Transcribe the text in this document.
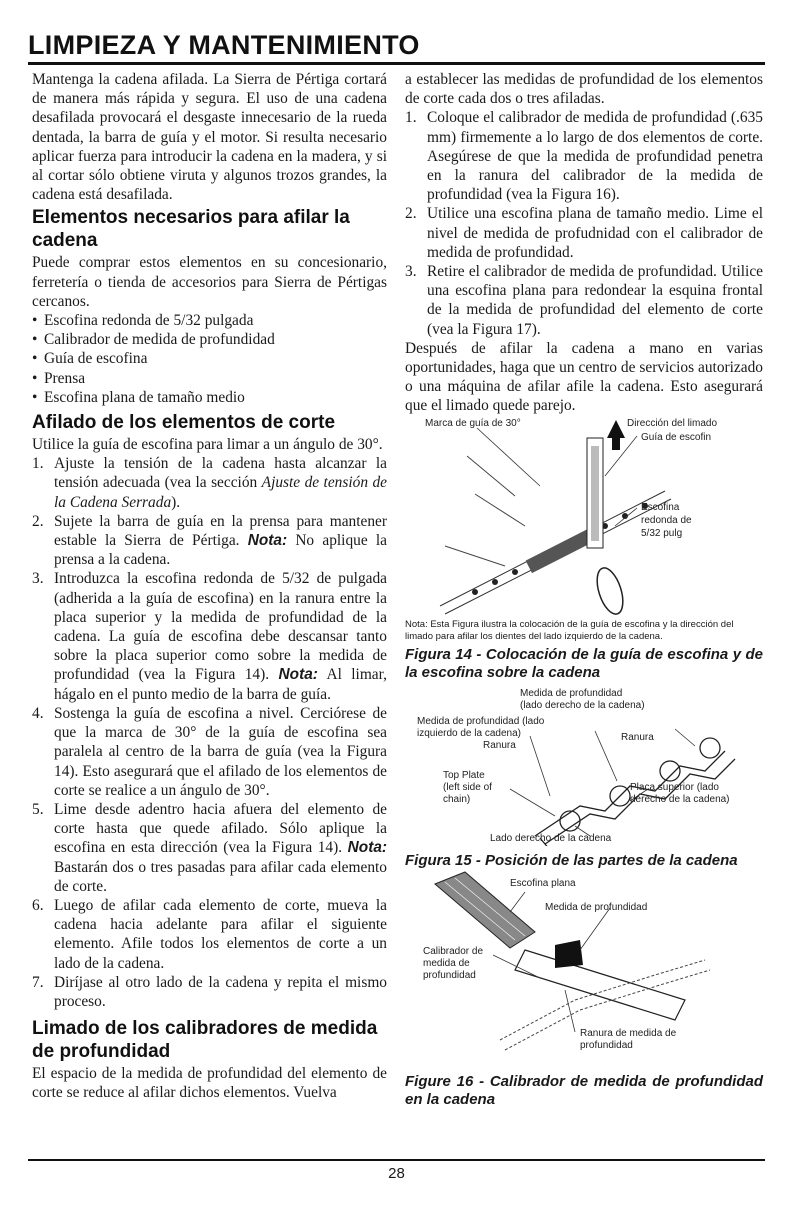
LIMPIEZA Y MANTENIMIENTO

Mantenga la cadena afilada. La Sierra de Pértiga cortará de manera más rápida y segura. El uso de una cadena desafilada provocará el desgaste innecesario de la rueda dentada, la barra de guía y el motor. Si resulta necesario aplicar fuerza para introducir la cadena en la madera, y si al cortar sólo obtiene viruta y algunos trozos grandes, la cadena está desafilada.

Elementos necesarios para afilar la cadena

Puede comprar estos elementos en su concesionario, ferretería o tienda de accesorios para Sierra de Pértigas cercanos.

• Escofina redonda de 5/32 pulgada
• Calibrador de medida de profundidad
• Guía de escofina
• Prensa
• Escofina plana de tamaño medio
Afilado de los elementos de corte

Utilice la guía de escofina para limar a un ángulo de 30°.

1. Ajuste la tensión de la cadena hasta alcanzar la tensión adecuada (vea la sección Ajuste de tensión de la Cadena Serrada).
2. Sujete la barra de guía en la prensa para mantener estable la Sierra de Pértiga. Nota: No aplique la prensa a la cadena.
3. Introduzca la escofina redonda de 5/32 de pulgada (adherida a la guía de escofina) en la ranura entre la placa superior y la medida de profundidad de la cadena. La guía de escofina debe descansar tanto sobre la placa superior como sobre la medida de profundidad (vea la Figura 14). Nota: Al limar, hágalo en el punto medio de la barra de guía.
4. Sostenga la guía de escofina a nivel. Cerciórese de que la marca de 30° de la guía de escofina sea paralela al centro de la barra de guía (vea la Figura 14). Esto asegurará que el afilado de los elementos de corte se realice a un ángulo de 30°.
5. Lime desde adentro hacia afuera del elemento de corte hasta que quede afilado. Sólo aplique la escofina en esta dirección (vea la Figura 14). Nota: Bastarán dos o tres pasadas para afilar cada elemento de corte.
6. Luego de afilar cada elemento de corte, mueva la cadena hacia adelante para afilar el siguiente elemento. Afile todos los elementos de corte a un lado de la cadena.
7. Diríjase al otro lado de la cadena y repita el mismo proceso.
Limado de los calibradores de medida de profundidad

El espacio de la medida de profundidad del elemento de corte se reduce al afilar dichos elementos. Vuelva

a establecer las medidas de profundidad de los elementos de corte cada dos o tres afiladas.

1. Coloque el calibrador de medida de profundidad (.635 mm) firmemente a lo largo de dos elementos de corte. Asegúrese de que la medida de profundidad penetra en la ranura del calibrador de la medida de profundidad (vea la Figura 16).
2. Utilice una escofina plana de tamaño medio. Lime el nivel de medida de profudnidad con el calibrador de medida de profundidad.
3. Retire el calibrador de medida de profundidad. Utilice una escofina plana para redondear la esquina frontal de la medida de profundidad del elemento de corte (vea la Figura 17).

Después de afilar la cadena a mano en varias oportunidades, haga que un centro de servicios autorizado o una máquina de afilar afile la cadena. Esto asegurará que el limado quede parejo.

Marca de guía de 30°	Dirección del limado
Guía de escofin
Escofina
redonda de
5/32 pulg

Nota: Esta Figura ilustra la colocación de la guía de escofina y la dirección del limado para afilar los dientes del lado izquierdo de la cadena.

Figura 14 - Colocación de la guía de escofina y de la escofina sobre la cadena

Medida de profundidad
(lado derecho de la cadena)
Medida de profundidad (lado
izquierdo de la cadena)
Ranura
Ranura
Top Plate
(left side of
chain)
Placa superior (lado
derecho de la cadena)
Lado derecho de la cadena

Figura 15 - Posición de las partes de la cadena

Escofina plana
Medida de profundidad
Calibrador de
medida de
profundidad
Ranura de medida de
profundidad

Figure 16 - Calibrador de medida de profundidad en la cadena

28
